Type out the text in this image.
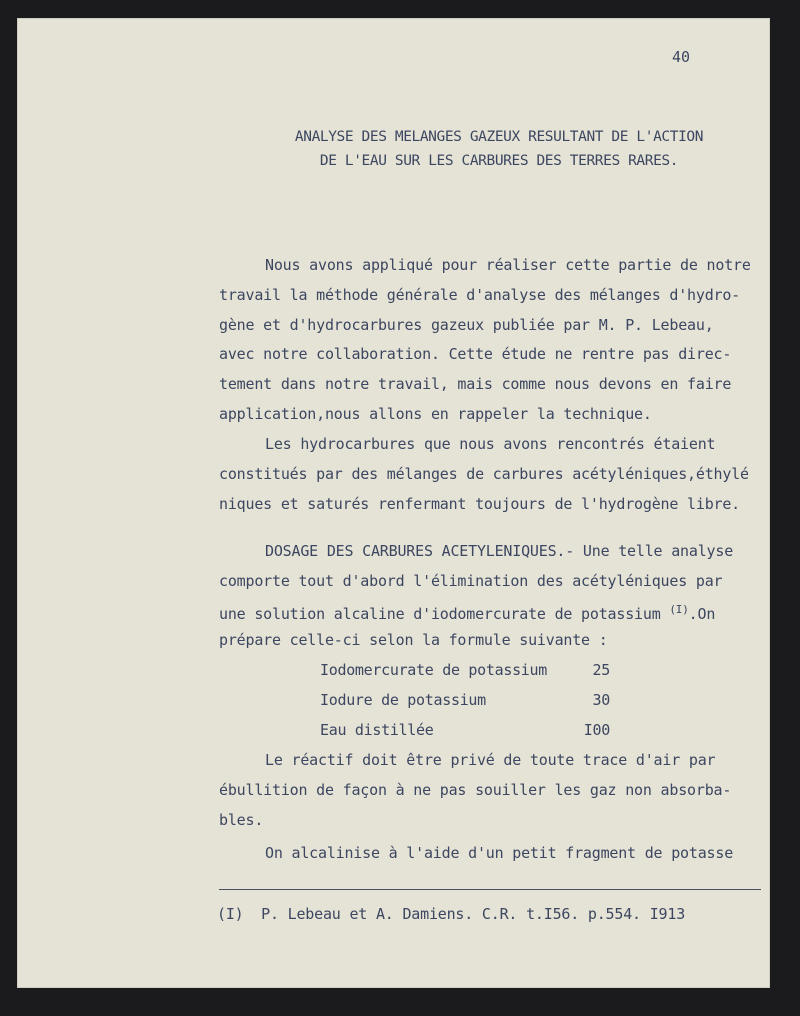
40
ANALYSE DES MELANGES GAZEUX RESULTANT DE L'ACTION
DE L'EAU SUR LES CARBURES DES TERRES RARES.
Nous avons appliqué pour réaliser cette partie de notre
travail la méthode générale d'analyse des mélanges d'hydro-
gène et d'hydrocarbures gazeux publiée par M. P. Lebeau,
avec notre collaboration. Cette étude ne rentre pas direc-
tement dans notre travail, mais comme nous devons en faire
application,nous allons en rappeler la technique.
Les hydrocarbures que nous avons rencontrés étaient
constitués par des mélanges de carbures acétyléniques,éthylé
niques et saturés renfermant toujours de l'hydrogène libre.
DOSAGE DES CARBURES ACETYLENIQUES.- Une telle analyse
comporte tout d'abord l'élimination des acétyléniques par
une solution alcaline d'iodomercurate de potassium $^{(I)}$.On
prépare celle-ci selon la formule suivante :
Iodomercurate de potassium	25
Iodure de potassium	30
Eau distillée	I00
Le réactif doit être privé de toute trace d'air par
ébullition de façon à ne pas souiller les gaz non absorba-
bles.
On alcalinise à l'aide d'un petit fragment de potasse
(I)  P. Lebeau et A. Damiens. C.R. t.I56. p.554. I913
